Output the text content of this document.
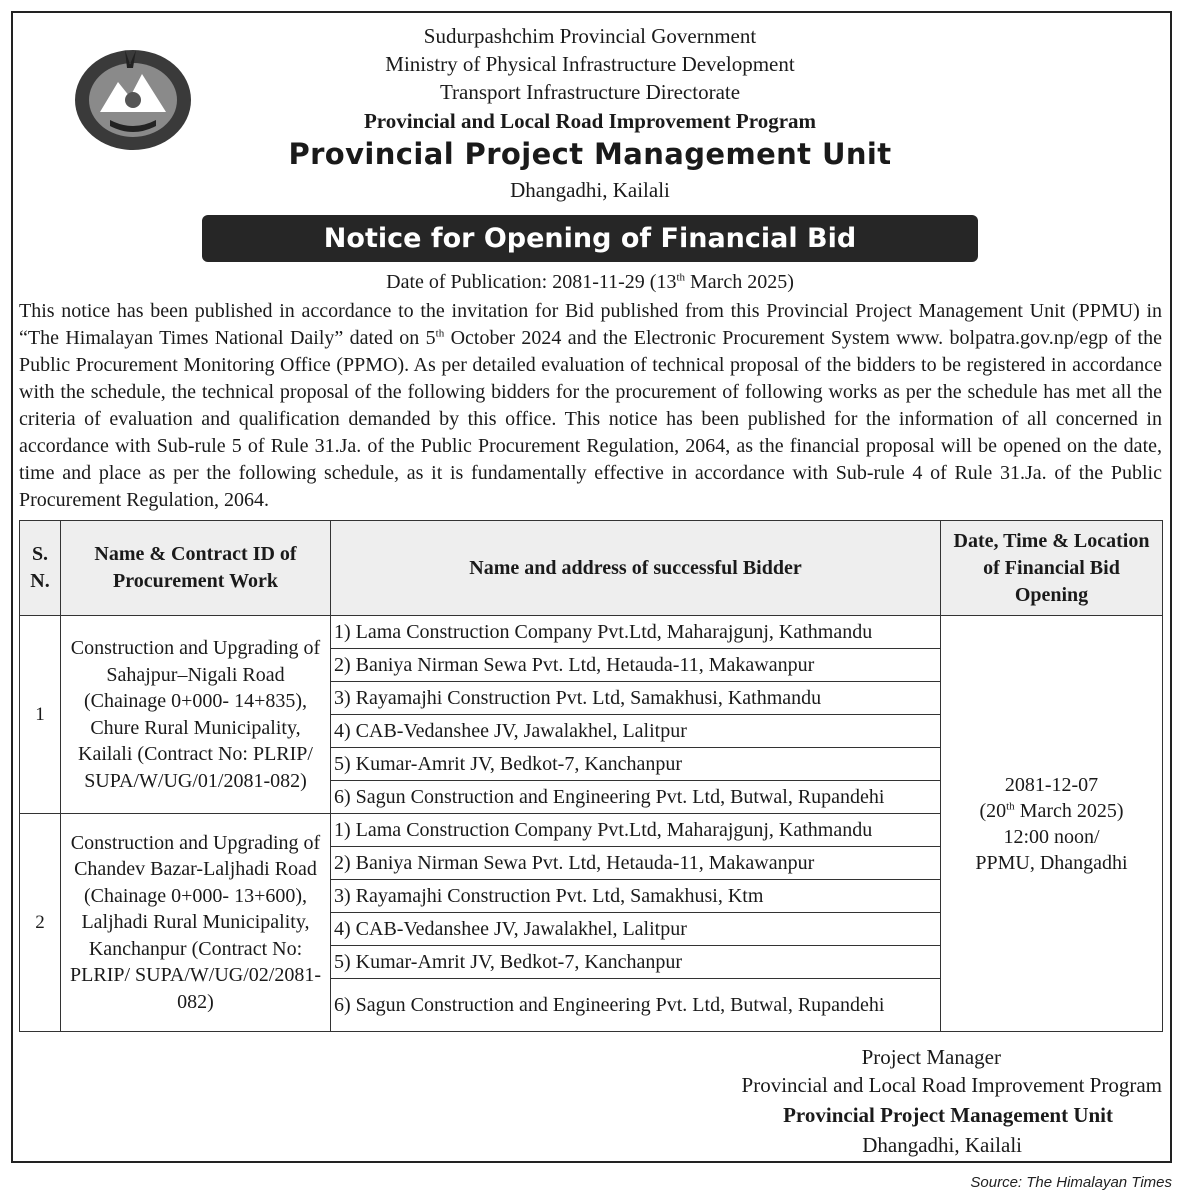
Sudurpashchim Provincial Government
Ministry of Physical Infrastructure Development
Transport Infrastructure Directorate
Provincial and Local Road Improvement Program
Provincial Project Management Unit
Dhangadhi, Kailali
Notice for Opening of Financial Bid
Date of Publication: 2081-11-29 (13th March 2025)
This notice has been published in accordance to the invitation for Bid published from this Provincial Project Management Unit (PPMU) in “The Himalayan Times National Daily” dated on 5th October 2024 and the Electronic Procurement System www. bolpatra.gov.np/egp of the Public Procurement Monitoring Office (PPMO). As per detailed evaluation of technical proposal of the bidders to be registered in accordance with the schedule, the technical proposal of the following bidders for the procurement of following works as per the schedule has met all the criteria of evaluation and qualification demanded by this office. This notice has been published for the information of all concerned in accordance with Sub-rule 5 of Rule 31.Ja. of the Public Procurement Regulation, 2064, as the financial proposal will be opened on the date, time and place as per the following schedule, as it is fundamentally effective in accordance with Sub-rule 4 of Rule 31.Ja. of the Public Procurement Regulation, 2064.
S. N.	Name & Contract ID of Procurement Work	Name and address of successful Bidder	Date, Time & Location of Financial Bid Opening
1	Construction and Upgrading of Sahajpur–Nigali Road (Chainage 0+000- 14+835), Chure Rural Municipality, Kailali (Contract No: PLRIP/ SUPA/W/UG/01/2081-082)	1) Lama Construction Company Pvt.Ltd, Maharajgunj, Kathmandu	2081-12-07
(20th March 2025)
12:00 noon/
PPMU, Dhangadhi

		2) Baniya Nirman Sewa Pvt. Ltd, Hetauda-11, Makawanpur	
		3) Rayamajhi Construction Pvt. Ltd, Samakhusi, Kathmandu	
		4) CAB-Vedanshee JV, Jawalakhel, Lalitpur	
		5) Kumar-Amrit JV, Bedkot-7, Kanchanpur	
		6) Sagun Construction and Engineering Pvt. Ltd, Butwal, Rupandehi	
2	Construction and Upgrading of Chandev Bazar-Laljhadi Road (Chainage 0+000- 13+600), Laljhadi Rural Municipality, Kanchanpur (Contract No: PLRIP/ SUPA/W/UG/02/2081-082)	1) Lama Construction Company Pvt.Ltd, Maharajgunj, Kathmandu	
		2) Baniya Nirman Sewa Pvt. Ltd, Hetauda-11, Makawanpur	
		3) Rayamajhi Construction Pvt. Ltd, Samakhusi, Ktm	
		4) CAB-Vedanshee JV, Jawalakhel, Lalitpur	
		5) Kumar-Amrit JV, Bedkot-7, Kanchanpur	
		6) Sagun Construction and Engineering Pvt. Ltd, Butwal, Rupandehi	
Project Manager
Provincial and Local Road Improvement Program
Provincial Project Management Unit
Dhangadhi, Kailali
Source: The Himalayan Times
